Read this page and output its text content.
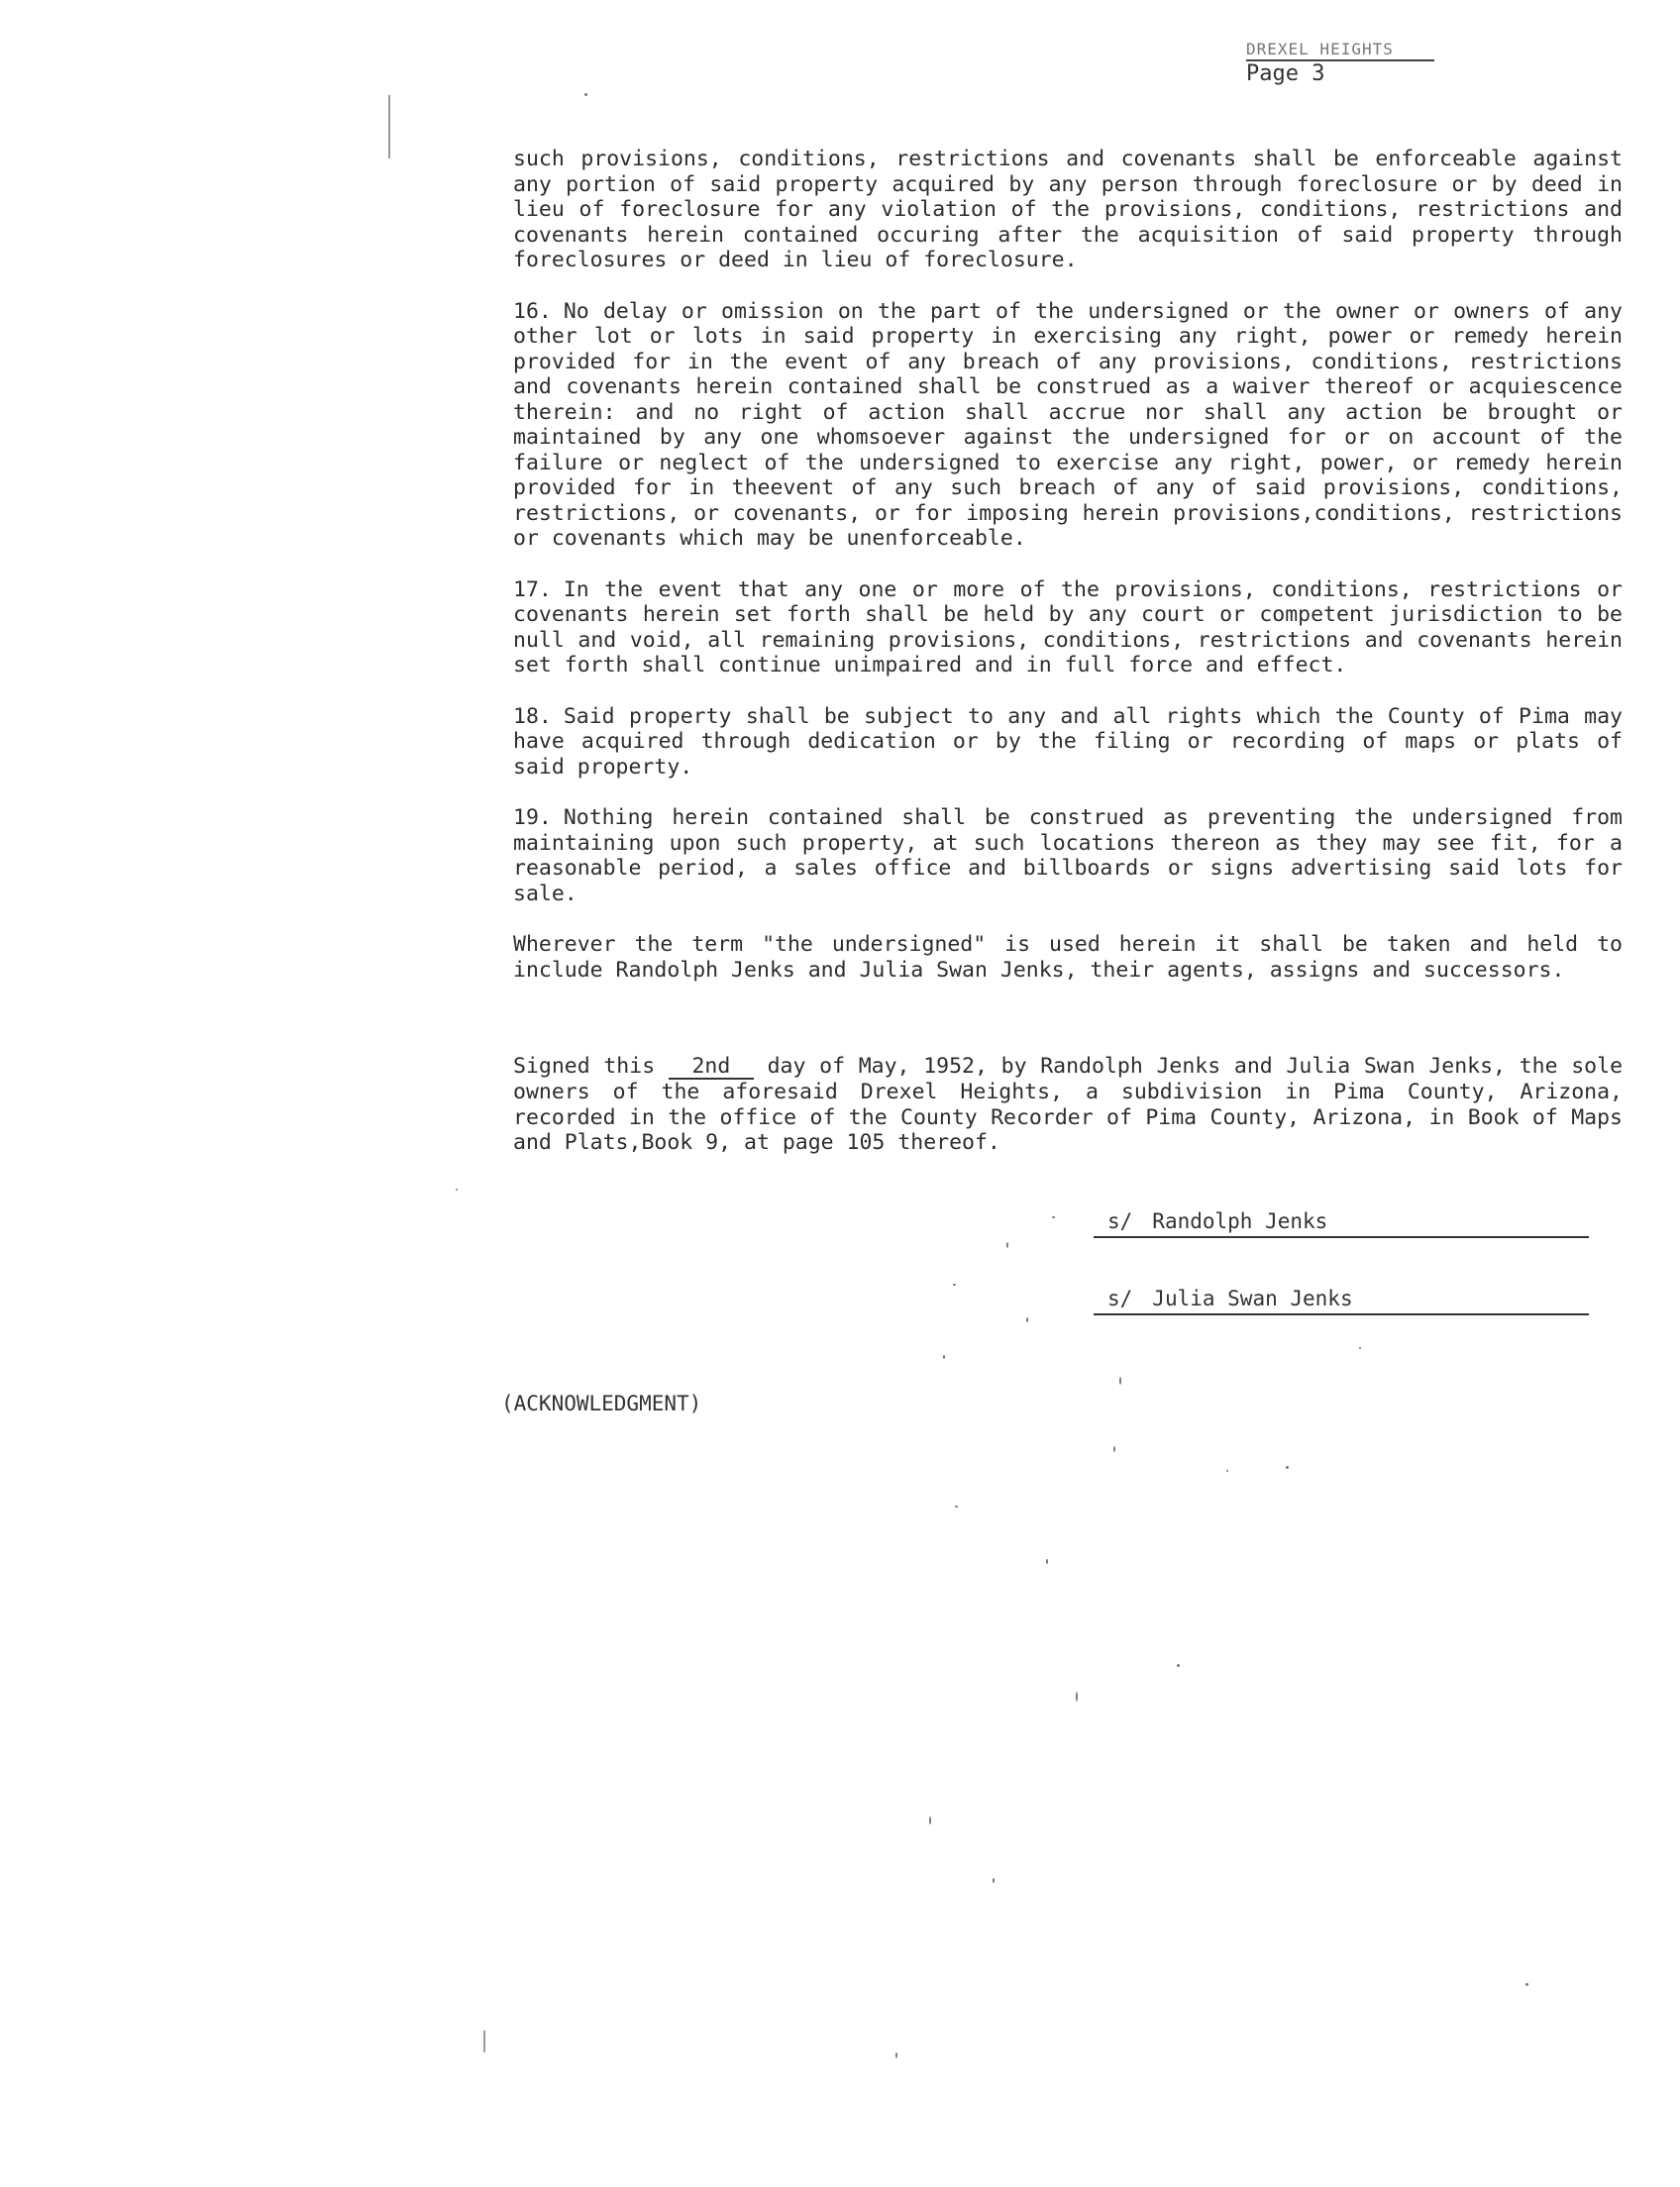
DREXEL HEIGHTS
Page 3

such provisions, conditions, restrictions and covenants shall be enforceable against any portion of said property acquired by any person through foreclosure or by deed in lieu of foreclosure for any violation of the provisions, conditions, restrictions and covenants herein contained occuring after the acquisition of said property through foreclosures or deed in lieu of foreclosure.

16. No delay or omission on the part of the undersigned or the owner or owners of any other lot or lots in said property in exercising any right, power or remedy herein provided for in the event of any breach of any provisions, conditions, restrictions and covenants herein contained shall be construed as a waiver thereof or acquiescence therein: and no right of action shall accrue nor shall any action be brought or maintained by any one whomsoever against the undersigned for or on account of the failure or neglect of the undersigned to exercise any right, power, or remedy herein provided for in theevent of any such breach of any of said provisions, conditions, restrictions, or covenants, or for imposing herein provisions,conditions, restrictions or covenants which may be unenforceable.

17. In the event that any one or more of the provisions, conditions, restrictions or covenants herein set forth shall be held by any court or competent jurisdiction to be null and void, all remaining provisions, conditions, restrictions and covenants herein set forth shall continue unimpaired and in full force and effect.

18. Said property shall be subject to any and all rights which the County of Pima may have acquired through dedication or by the filing or recording of maps or plats of said property.

19. Nothing herein contained shall be construed as preventing the undersigned from maintaining upon such property, at such locations thereon as they may see fit, for a reasonable period, a sales office and billboards or signs advertising said lots for sale.

Wherever the term "the undersigned" is used herein it shall be taken and held to include Randolph Jenks and Julia Swan Jenks, their agents, assigns and successors.

Signed this 2nd day of May, 1952, by Randolph Jenks and Julia Swan Jenks, the sole owners of the aforesaid Drexel Heights, a subdivision in Pima County, Arizona, recorded in the office of the County Recorder of Pima County, Arizona, in Book of Maps and Plats,Book 9, at page 105 thereof.
s/ Randolph Jenks
s/ Julia Swan Jenks
(ACKNOWLEDGMENT)
